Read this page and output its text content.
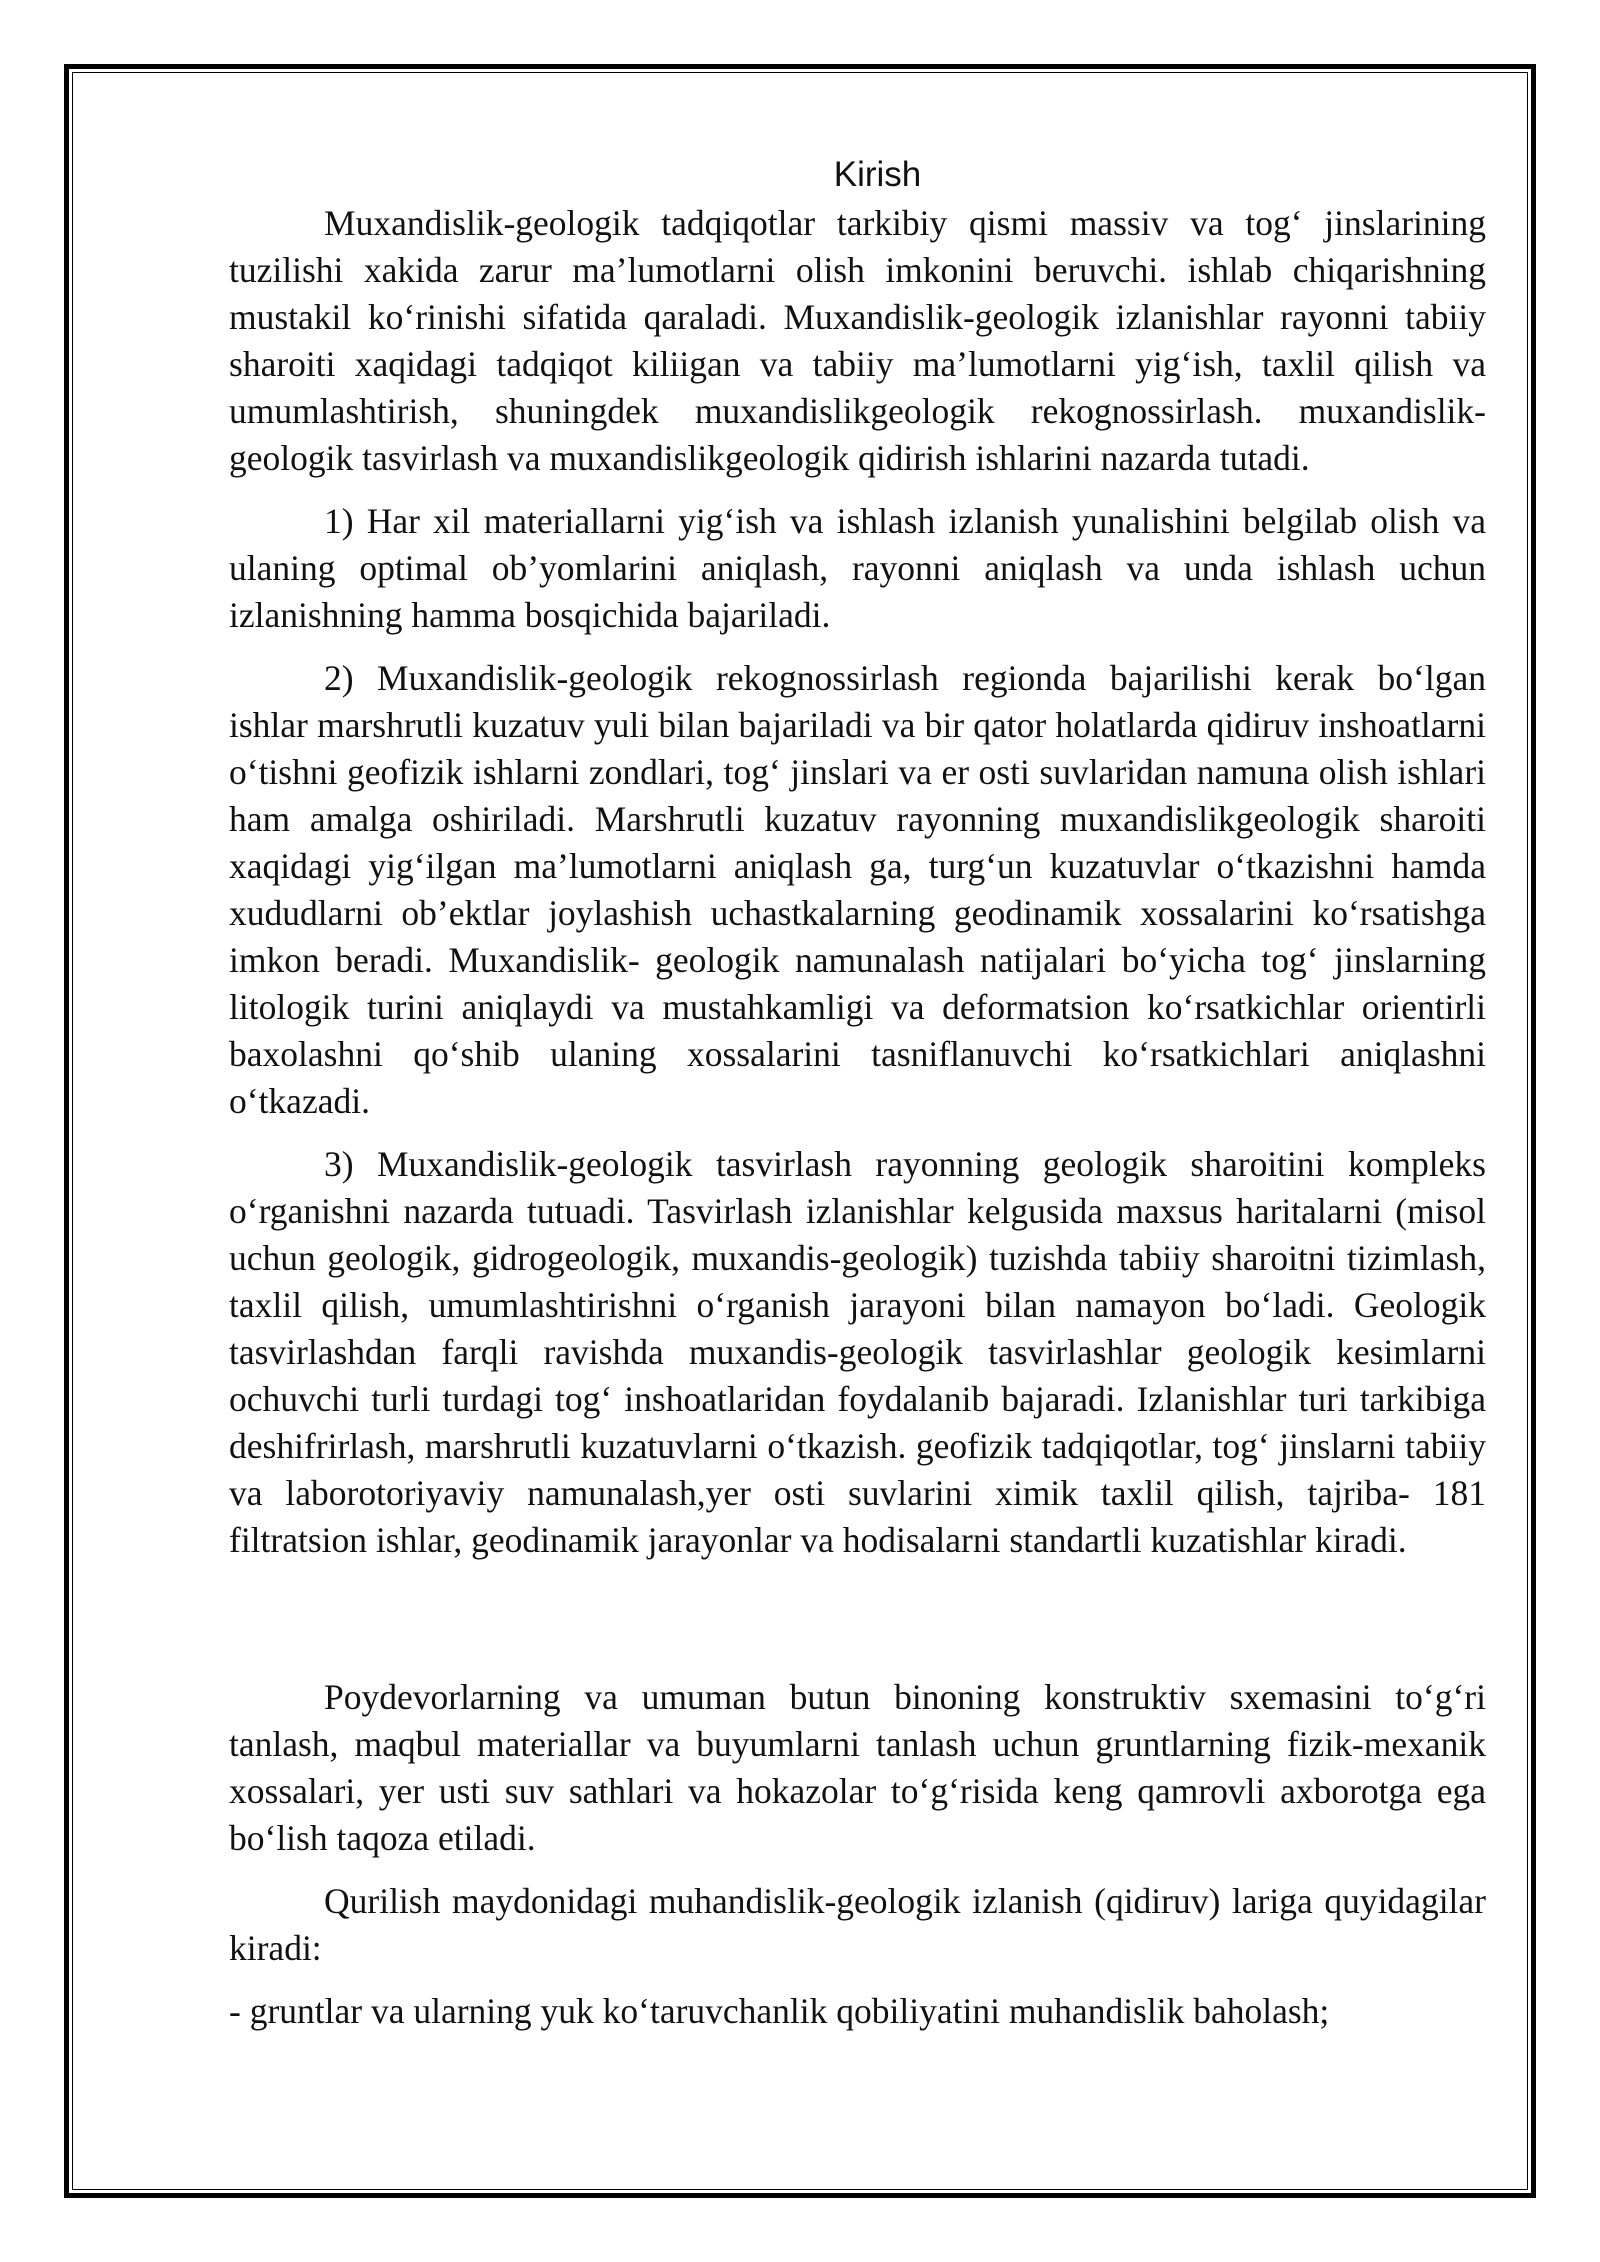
Kirish

Muxandislik-geologik tadqiqotlar tarkibiy qismi massiv va tog‘ jinslarining tuzilishi xakida zarur ma’lumotlarni olish imkonini beruvchi. ishlab chiqarishning mustakil ko‘rinishi sifatida qaraladi. Muxandislik-geologik izlanishlar rayonni tabiiy sharoiti xaqidagi tadqiqot kiliigan va tabiiy ma’lumotlarni yig‘ish, taxlil qilish va umumlashtirish, shuningdek muxandislikgeologik rekognossirlash. muxandislik-geologik tasvirlash va muxandislikgeologik qidirish ishlarini nazarda tutadi.

1) Har xil materiallarni yig‘ish va ishlash izlanish yunalishini belgilab olish va ulaning optimal ob’yomlarini aniqlash, rayonni aniqlash va unda ishlash uchun izlanishning hamma bosqichida bajariladi.

2) Muxandislik-geologik rekognossirlash regionda bajarilishi kerak bo‘lgan ishlar marshrutli kuzatuv yuli bilan bajariladi va bir qator holatlarda qidiruv inshoatlarni o‘tishni geofizik ishlarni zondlari, tog‘ jinslari va er osti suvlaridan namuna olish ishlari ham amalga oshiriladi. Marshrutli kuzatuv rayonning muxandislikgeologik sharoiti xaqidagi yig‘ilgan ma’lumotlarni aniqlash ga, turg‘un kuzatuvlar o‘tkazishni hamda xududlarni ob’ektlar joylashish uchastkalarning geodinamik xossalarini ko‘rsatishga imkon beradi. Muxandislik- geologik namunalash natijalari bo‘yicha tog‘ jinslarning litologik turini aniqlaydi va mustahkamligi va deformatsion ko‘rsatkichlar orientirli baxolashni qo‘shib ulaning xossalarini tasniflanuvchi ko‘rsatkichlari aniqlashni o‘tkazadi.

3) Muxandislik-geologik tasvirlash rayonning geologik sharoitini kompleks o‘rganishni nazarda tutuadi. Tasvirlash izlanishlar kelgusida maxsus haritalarni (misol uchun geologik, gidrogeologik, muxandis-geologik) tuzishda tabiiy sharoitni tizimlash, taxlil qilish, umumlashtirishni o‘rganish jarayoni bilan namayon bo‘ladi. Geologik tasvirlashdan farqli ravishda muxandis-geologik tasvirlashlar geologik kesimlarni ochuvchi turli turdagi tog‘ inshoatlaridan foydalanib bajaradi. Izlanishlar turi tarkibiga deshifrirlash, marshrutli kuzatuvlarni o‘tkazish. geofizik tadqiqotlar, tog‘ jinslarni tabiiy va laborotoriyaviy namunalash,yer osti suvlarini ximik taxlil qilish, tajriba- 181 filtratsion ishlar, geodinamik jarayonlar va hodisalarni standartli kuzatishlar kiradi.

Poydevorlarning va umuman butun binoning konstruktiv sxemasini to‘g‘ri tanlash, maqbul materiallar va buyumlarni tanlash uchun gruntlarning fizik-mexanik xossalari, yer usti suv sathlari va hokazolar to‘g‘risida keng qamrovli axborotga ega bo‘lish taqoza etiladi.

Qurilish maydonidagi muhandislik-geologik izlanish (qidiruv) lariga quyidagilar kiradi:

- gruntlar va ularning yuk ko‘taruvchanlik qobiliyatini muhandislik baholash;
